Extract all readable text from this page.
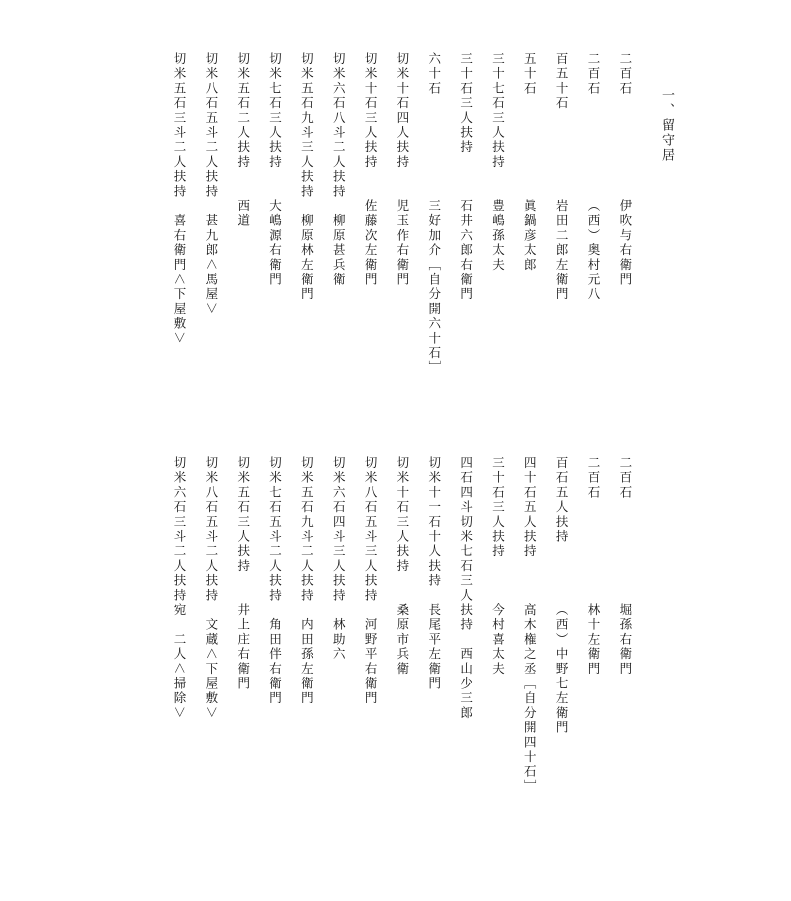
一、留守居
二百石伊吹与右衛門
二百石（西）奥村元八
百五十石岩田二郎左衛門
五十石眞鍋彦太郎
三十七石三人扶持豊嶋孫太夫
三十石三人扶持石井六郎右衛門
六十石三好加介［自分開六十石］
切米十石四人扶持児玉作右衛門
切米十石三人扶持佐藤次左衛門
切米六石八斗二人扶持柳原甚兵衛
切米五石九斗三人扶持柳原林左衛門
切米七石三人扶持大嶋源右衛門
切米五石二人扶持西道
切米八石五斗二人扶持甚九郎＜馬屋＞
切米五石三斗二人扶持喜右衛門＜下屋敷＞
二百石堀孫右衛門
二百石林十左衛門
百石五人扶持（西）中野七左衛門
四十石五人扶持高木権之丞［自分開四十石］
三十石三人扶持今村喜太夫
四石四斗切米七石三人扶持西山少三郎
切米十一石十人扶持長尾平左衛門
切米十石三人扶持桑原市兵衛
切米八石五斗三人扶持河野平右衛門
切米六石四斗三人扶持林助六
切米五石九斗二人扶持内田孫左衛門
切米七石五斗二人扶持角田伴右衛門
切米五石三人扶持井上庄右衛門
切米八石五斗二人扶持文蔵＜下屋敷＞
切米六石三斗二人扶持宛二人＜掃除＞
